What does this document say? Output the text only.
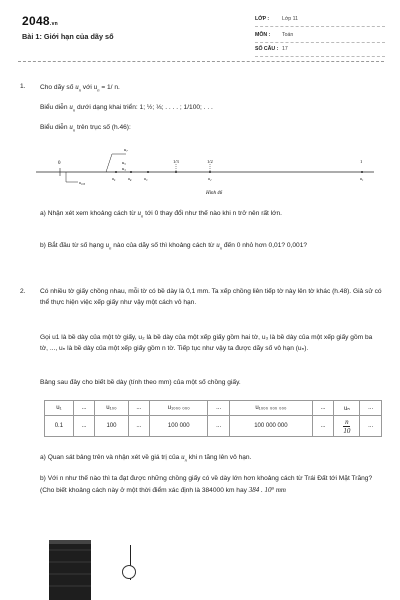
2048.vn
Bài 1: Giới hạn của dãy số
LỚP : Lớp 11
MÔN : Toán
SỐ CÂU : 17
1. Cho dãy số $u_n$ với $u_n = 1/$ n.
Biểu diễn $u_n$ dưới dạng khai triển: 1; ½; ⅓; . . . . ; 1/100; . . .
Biểu diễn $u_n$ trên trục số (h.46):
0
u₁₀₀
u₇
u₅
u₃
u₆	u₄	u₃
1/3	1/2
u₂
1
u₁
Hình 46
a) Nhận xét xem khoảng cách từ $u_n$ tới 0 thay đổi như thế nào khi n trở nên rất lớn.
b) Bắt đầu từ số hạng $u_n$ nào của dãy số thì khoảng cách từ $u_n$ đến 0 nhỏ hơn 0,01? 0,001?
2. Có nhiều tờ giấy chồng nhau, mỗi tờ có bề dày là 0,1 mm. Ta xếp chồng liên tiếp tờ này lên tờ khác (h.48). Giả sử có thể thực hiện việc xếp giấy như vậy một cách vô hạn.
Gọi u1 là bề dày của một tờ giấy, u₂ là bề dày của một xếp giấy gồm hai tờ, u₃ là bề dày của một xếp giấy gồm ba tờ, ..., uₙ là bề dày của một xếp giấy gồm n tờ. Tiếp tục như vậy ta được dãy số vô hạn (uₙ).
Bảng sau đây cho biết bề dày (tính theo mm) của một số chồng giấy.
u₁	...	u₁₀₀	...	u₁₀₀₀ ₀₀₀	...	u₁₀₀₀ ₀₀₀ ₀₀₀	...	uₙ	...
0.1	...	100	...	100 000	...	100 000 000	...	$\frac{n}{10}$	...
a) Quan sát bảng trên và nhận xét về giá trị của $u_n$ khi n tăng lên vô hạn.
b) Với n như thế nào thì ta đạt được những chồng giấy có về dày lớn hơn khoảng cách từ Trái Đất tới Mặt Trăng? (Cho biết khoảng cách này ở một thời điểm xác định là 384000 km hay 384 . 10⁹ mm
